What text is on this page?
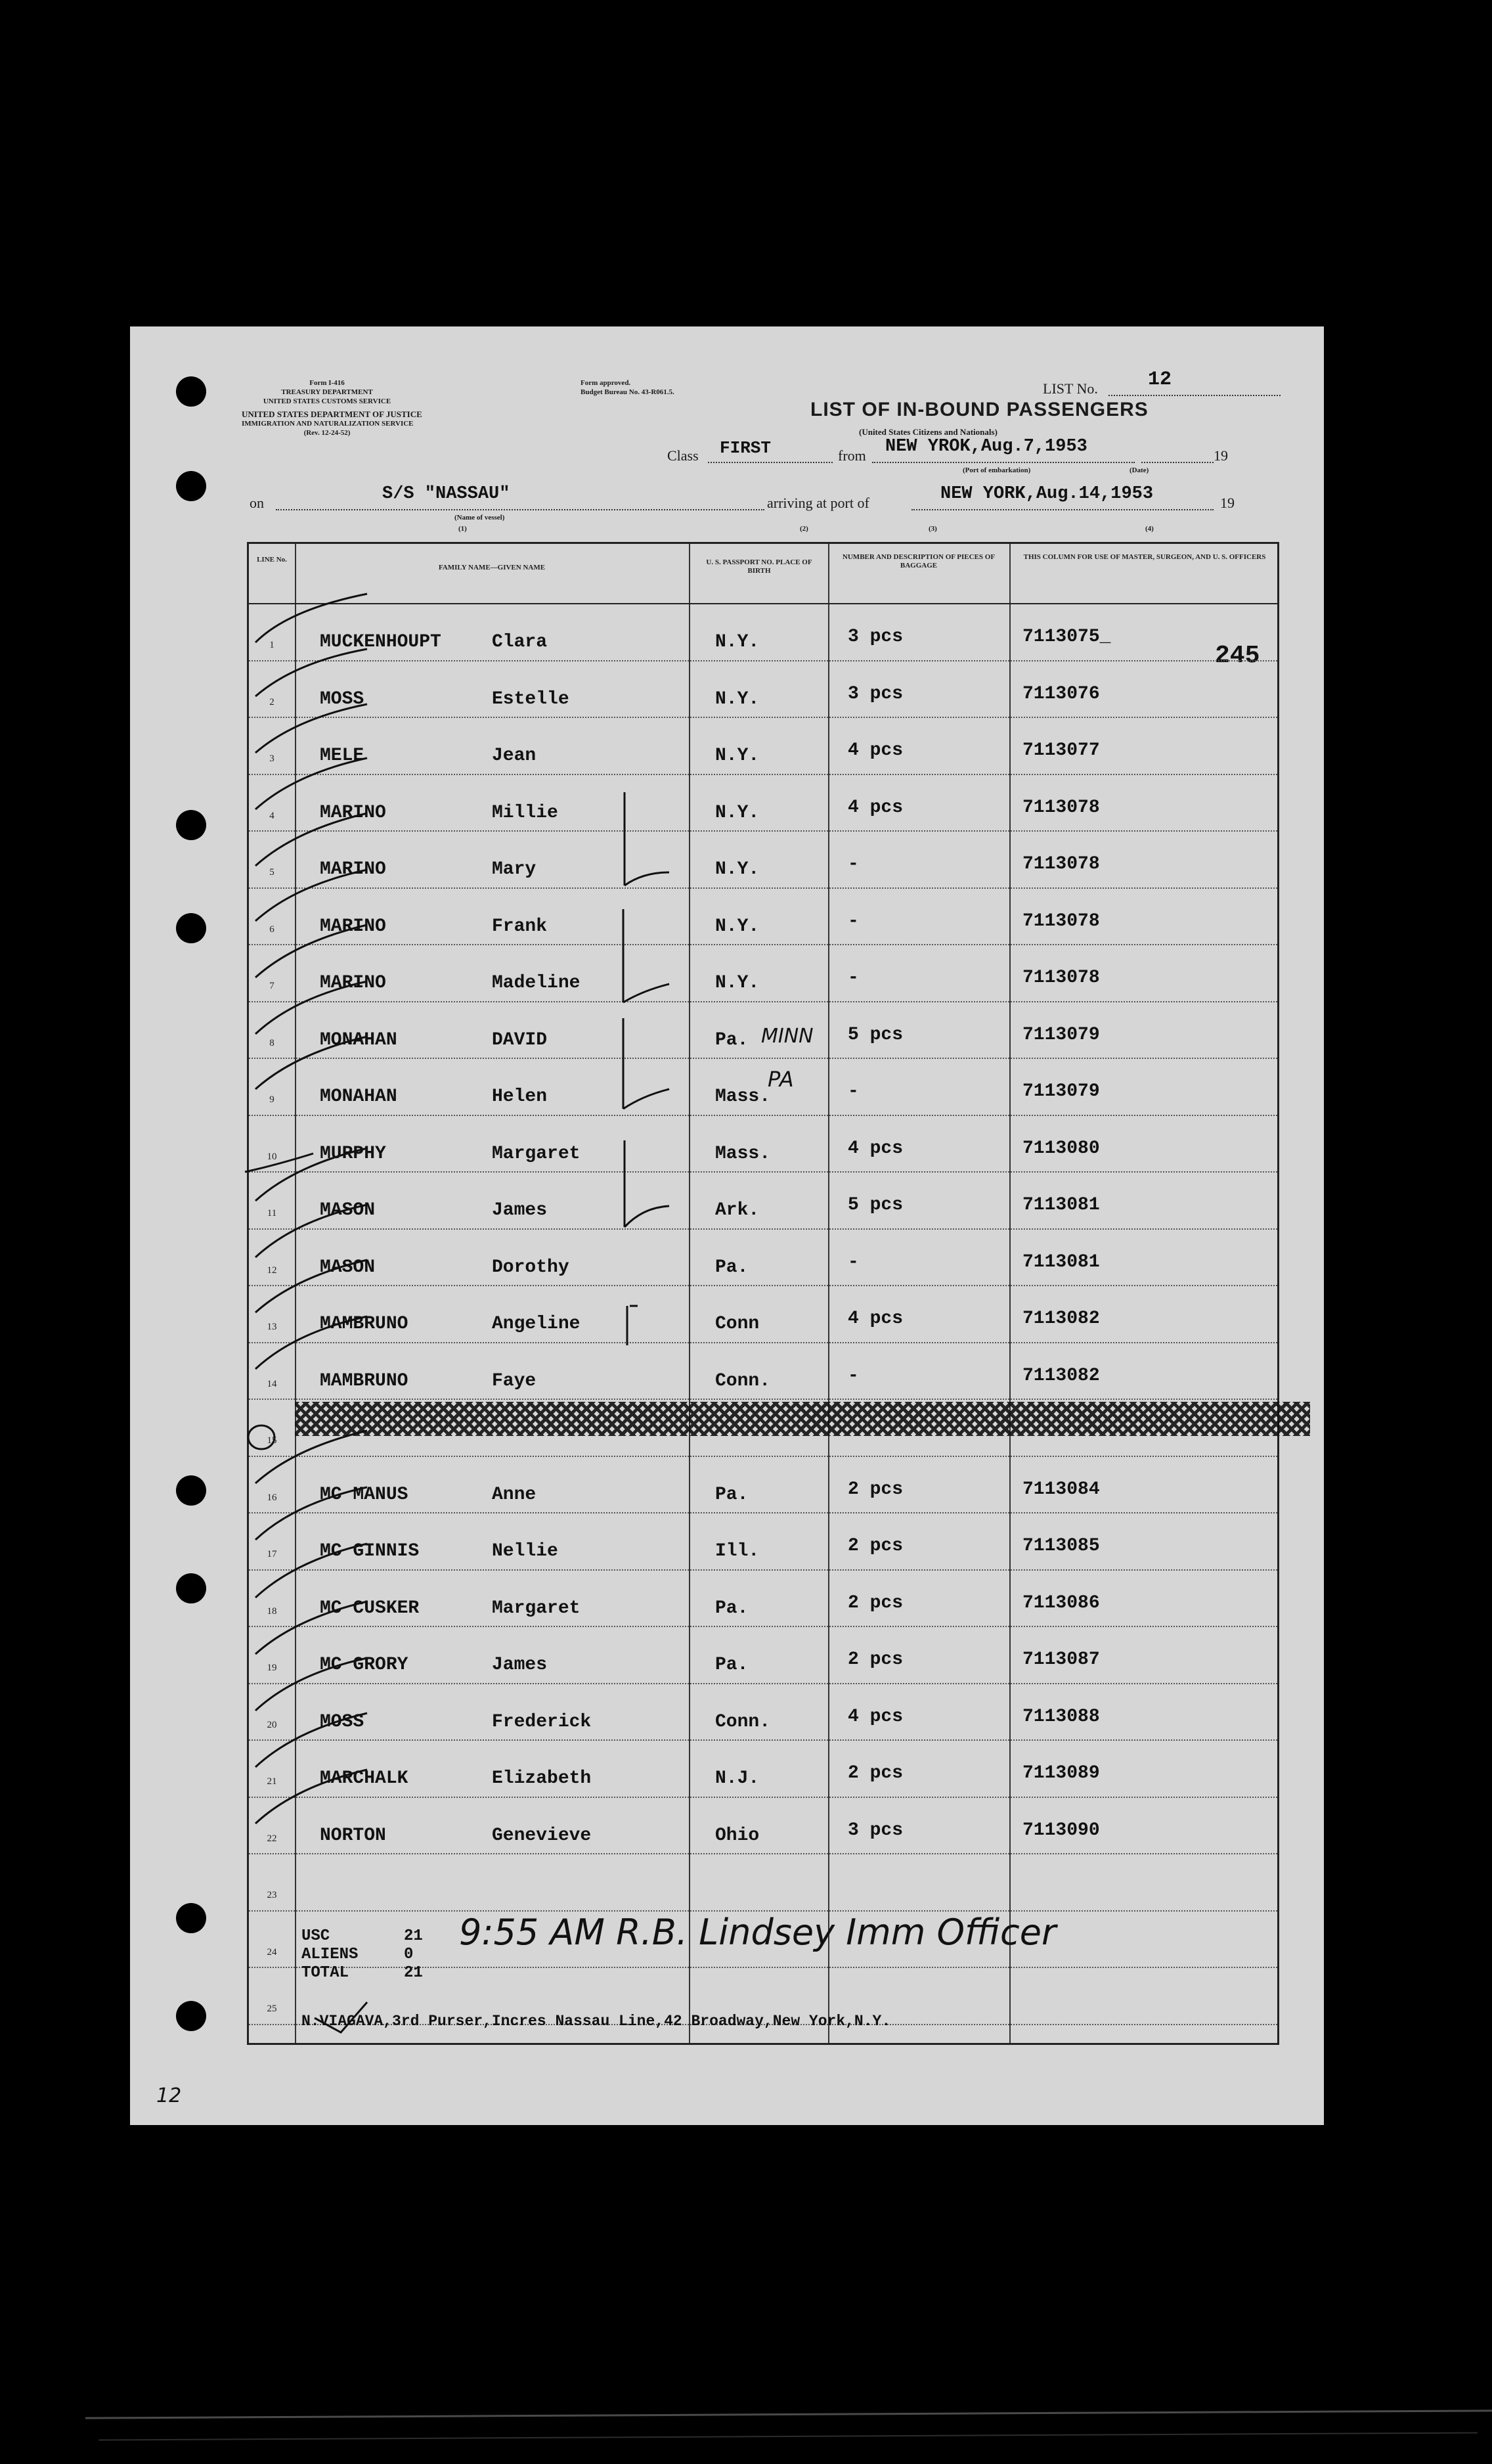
Form I-416
TREASURY DEPARTMENT
UNITED STATES CUSTOMS SERVICE
UNITED STATES DEPARTMENT OF JUSTICE
IMMIGRATION AND NATURALIZATION SERVICE
(Rev. 12-24-52)
Form approved.
Budget Bureau No. 43-R061.5.	LIST No.	12
LIST OF IN-BOUND PASSENGERS
(United States Citizens and Nationals)
Class FIRST	from NEW YROK,Aug.7,1953	19
(Port of embarkation)	(Date)
on	S/S "NASSAU"
(Name of vessel)
arriving at port of	NEW YORK,Aug.14,1953	19
(1)	(2)	(3)	(4)
245
LINE No.
FAMILY NAME—GIVEN NAME
U. S. PASSPORT NO. PLACE OF BIRTH
NUMBER AND DESCRIPTION OF PIECES OF BAGGAGE
THIS COLUMN FOR USE OF MASTER, SURGEON, AND U. S. OFFICERS
1	MUCKENHOUPT	Clara	N.Y.	3 pcs	7113075_
2	MOSS	Estelle	N.Y.	3 pcs	7113076
3	MELE	Jean	N.Y.	4 pcs	7113077
4	MARINO	Millie	N.Y.	4 pcs	7113078
5	MARINO	Mary	N.Y.	-	7113078
6	MARINO	Frank	N.Y.	-	7113078
7	MARINO	Madeline	N.Y.	-	7113078
8	MONAHAN	DAVID	Pa.	5 pcs	7113079
9	MONAHAN	Helen	Mass.	-	7113079
10 MURPHY	Margaret	Mass.	4 pcs	7113080
11 MASON	James	Ark.	5 pcs	7113081
12 MASON	Dorothy	Pa.	-	7113081
13 MAMBRUNO	Angeline	Conn	4 pcs	7113082
14 MAMBRUNO	Faye	Conn.	-	7113082
15
16 MC MANUS	Anne	Pa.	2 pcs	7113084
17 MC GINNIS	Nellie	Ill.	2 pcs	7113085
18 MC CUSKER	Margaret	Pa.	2 pcs	7113086
19 MC GRORY	James	Pa.	2 pcs	7113087
20 MOSS	Frederick	Conn.	4 pcs	7113088
21 MARCHALK	Elizabeth	N.J.	2 pcs	7113089
22 NORTON	Genevieve	Ohio	3 pcs	7113090
23
24
25
USC	21
ALIENS	0
TOTAL	21
9:55 AM R.B. Lindsey Imm Officer
N.VIAGAVA,3rd Purser,Incres Nassau Line,42 Broadway,New York,N.Y.
MINN
PA
12
